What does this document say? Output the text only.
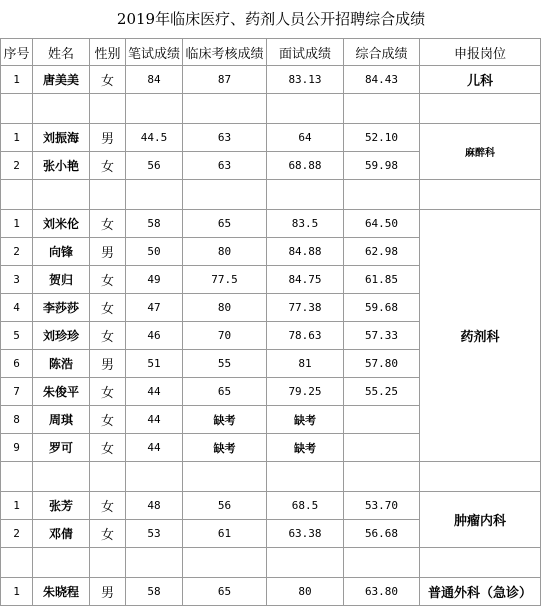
2019年临床医疗、药剂人员公开招聘综合成绩
序号	姓名	性别	笔试成绩	临床考核成绩	面试成绩	综合成绩	申报岗位
1	唐美美	女	84	87	83.13	84.43	儿科

1	刘振海	男	44.5	63	64	52.10	麻醉科
2	张小艳	女	56	63	68.88	59.98	

1	刘米伦	女	58	65	83.5	64.50	药剂科
2	向锋	男	50	80	84.88	62.98	
3	贺归	女	49	77.5	84.75	61.85	
4	李莎莎	女	47	80	77.38	59.68	
5	刘珍珍	女	46	70	78.63	57.33	
6	陈浩	男	51	55	81	57.80	
7	朱俊平	女	44	65	79.25	55.25	
8	周琪	女	44	缺考	缺考		
9	罗可	女	44	缺考	缺考		

1	张芳	女	48	56	68.5	53.70	肿瘤内科
2	邓倩	女	53	61	63.38	56.68	

1	朱晓程	男	58	65	80	63.80	普通外科（急诊）
